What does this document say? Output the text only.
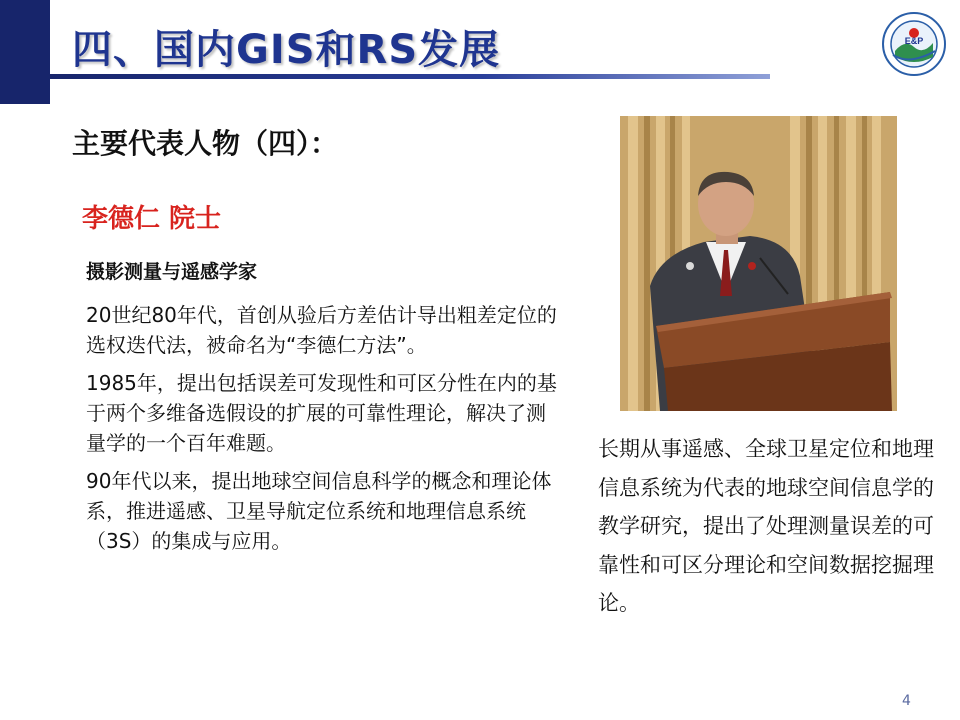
四、国内GIS和RS发展	E&P
主要代表人物（四）：
李德仁 院士
摄影测量与遥感学家

20世纪80年代，首创从验后方差估计导出粗差定位的选权迭代法，被命名为“李德仁方法”。

1985年，提出包括误差可发现性和可区分性在内的基于两个多维备选假设的扩展的可靠性理论，解决了测量学的一个百年难题。

90年代以来，提出地球空间信息科学的概念和理论体系，推进遥感、卫星导航定位系统和地理信息系统（3S）的集成与应用。

长期从事遥感、全球卫星定位和地理信息系统为代表的地球空间信息学的教学研究，提出了处理测量误差的可靠性和可区分理论和空间数据挖掘理论。
4
